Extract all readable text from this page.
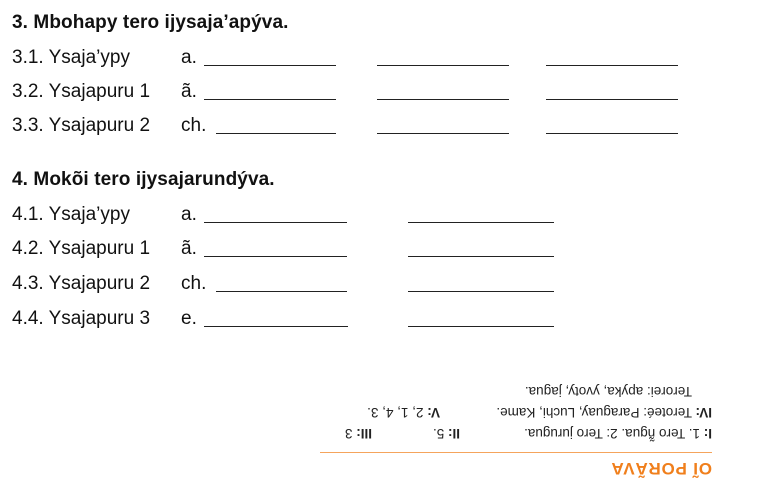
3. Mbohapy tero ijysaja’apýva.
3.1. Ysaja’ypy	a.
3.2. Ysajapuru 1 ã.
3.3. Ysajapuru 2 ch.
4. Mokõi tero ijysajarundýva.
4.1. Ysaja’ypy	a.
4.2. Ysajapuru 1 ã.
4.3. Ysajapuru 2 ch.
4.4. Ysajapuru 3 e.
OĨ PORÃVA
I: 1. Tero ñ̃gua. 2: Tero jurugua.
II: 5.
III: 3
IV: Teroteé: Paraguay, Luchi, Kame.
V: 2, 1, 4, 3.
Terorei: apyka, yvoty, jagua.
